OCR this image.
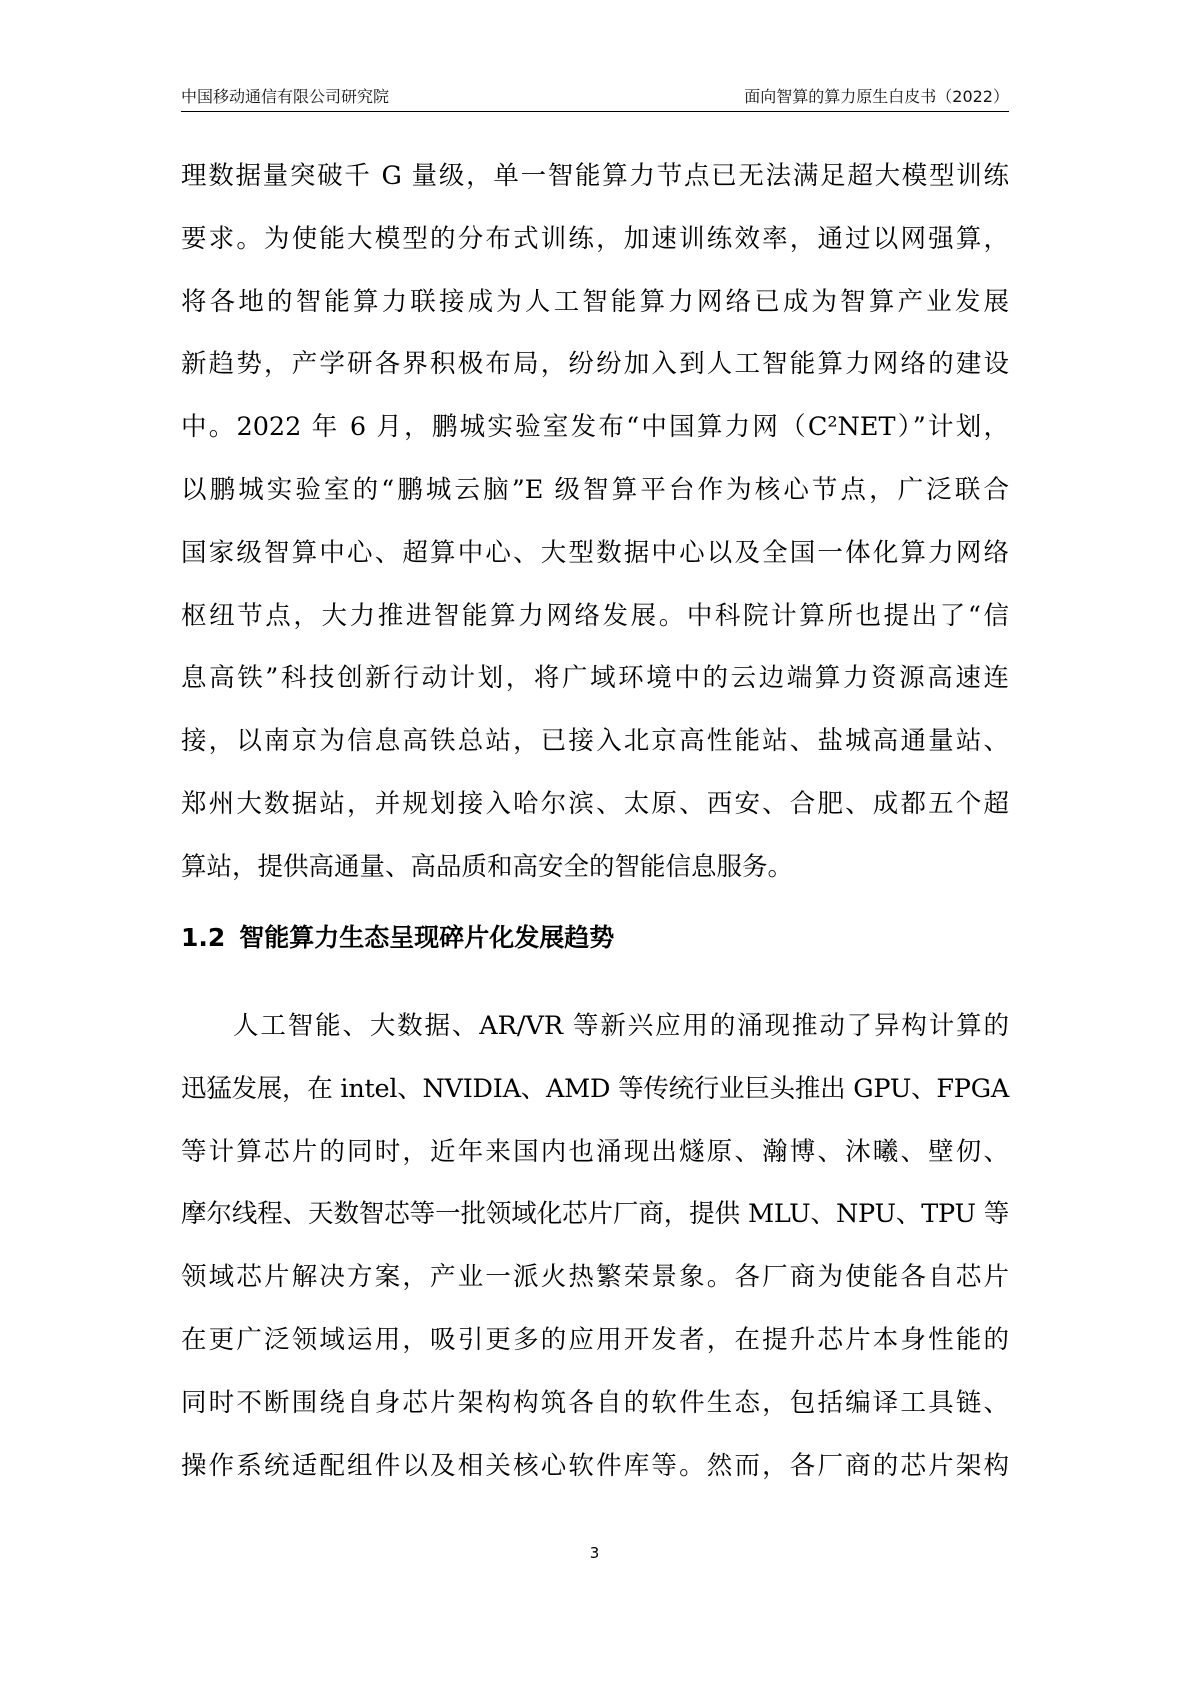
中国移动通信有限公司研究院	面向智算的算力原生白皮书（2022）
理数据量突破千 G 量级，单一智能算力节点已无法满足超大模型训练
要求。为使能大模型的分布式训练，加速训练效率，通过以网强算，
将各地的智能算力联接成为人工智能算力网络已成为智算产业发展
新趋势，产学研各界积极布局，纷纷加入到人工智能算力网络的建设
中。2022 年 6 月，鹏城实验室发布“中国算力网（C²NET）”计划，
以鹏城实验室的“鹏城云脑”E 级智算平台作为核心节点，广泛联合
国家级智算中心、超算中心、大型数据中心以及全国一体化算力网络
枢纽节点，大力推进智能算力网络发展。中科院计算所也提出了“信
息高铁”科技创新行动计划，将广域环境中的云边端算力资源高速连
接，以南京为信息高铁总站，已接入北京高性能站、盐城高通量站、
郑州大数据站，并规划接入哈尔滨、太原、西安、合肥、成都五个超
算站，提供高通量、高品质和高安全的智能信息服务。
1.2 智能算力生态呈现碎片化发展趋势
人工智能、大数据、AR/VR 等新兴应用的涌现推动了异构计算的
迅猛发展，在 intel、NVIDIA、AMD 等传统行业巨头推出 GPU、FPGA
等计算芯片的同时，近年来国内也涌现出燧原、瀚博、沐曦、壁仞、
摩尔线程、天数智芯等一批领域化芯片厂商，提供 MLU、NPU、TPU 等
领域芯片解决方案，产业一派火热繁荣景象。各厂商为使能各自芯片
在更广泛领域运用，吸引更多的应用开发者，在提升芯片本身性能的
同时不断围绕自身芯片架构构筑各自的软件生态，包括编译工具链、
操作系统适配组件以及相关核心软件库等。然而，各厂商的芯片架构
3
